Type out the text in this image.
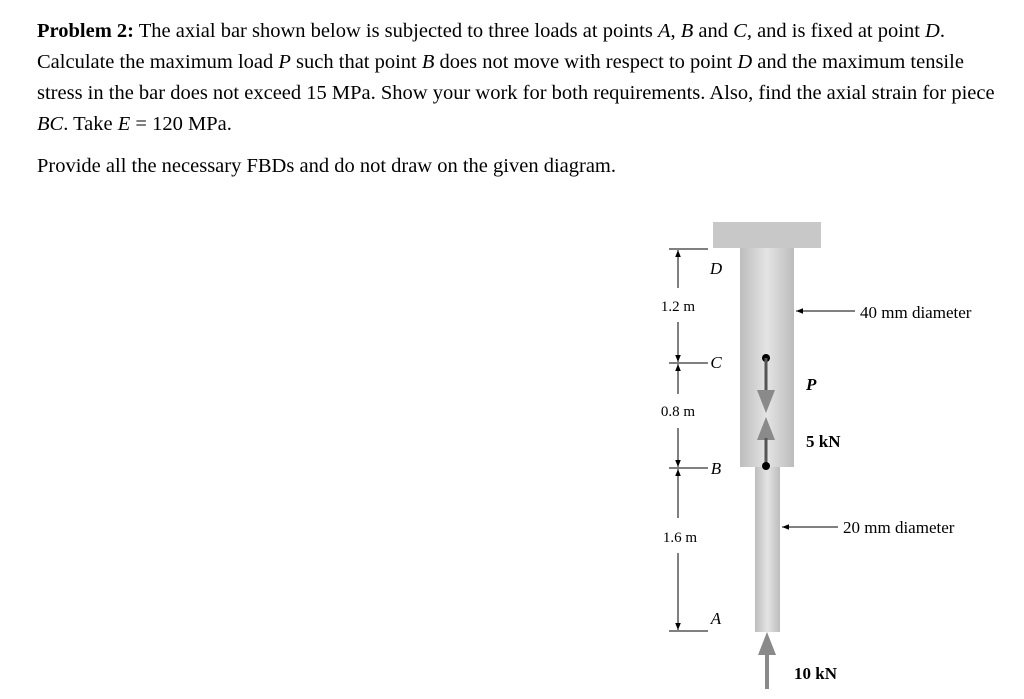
Problem 2: The axial bar shown below is subjected to three loads at points A, B and C, and is fixed at point D. Calculate the maximum load P such that point B does not move with respect to point D and the maximum tensile stress in the bar does not exceed 15 MPa. Show your work for both requirements. Also, find the axial strain for piece BC. Take E = 120 MPa.

Provide all the necessary FBDs and do not draw on the given diagram.

1.2 m
0.8 m
1.6 m
D
C
B
A
40 mm diameter
20 mm diameter
P
5 kN
10 kN
